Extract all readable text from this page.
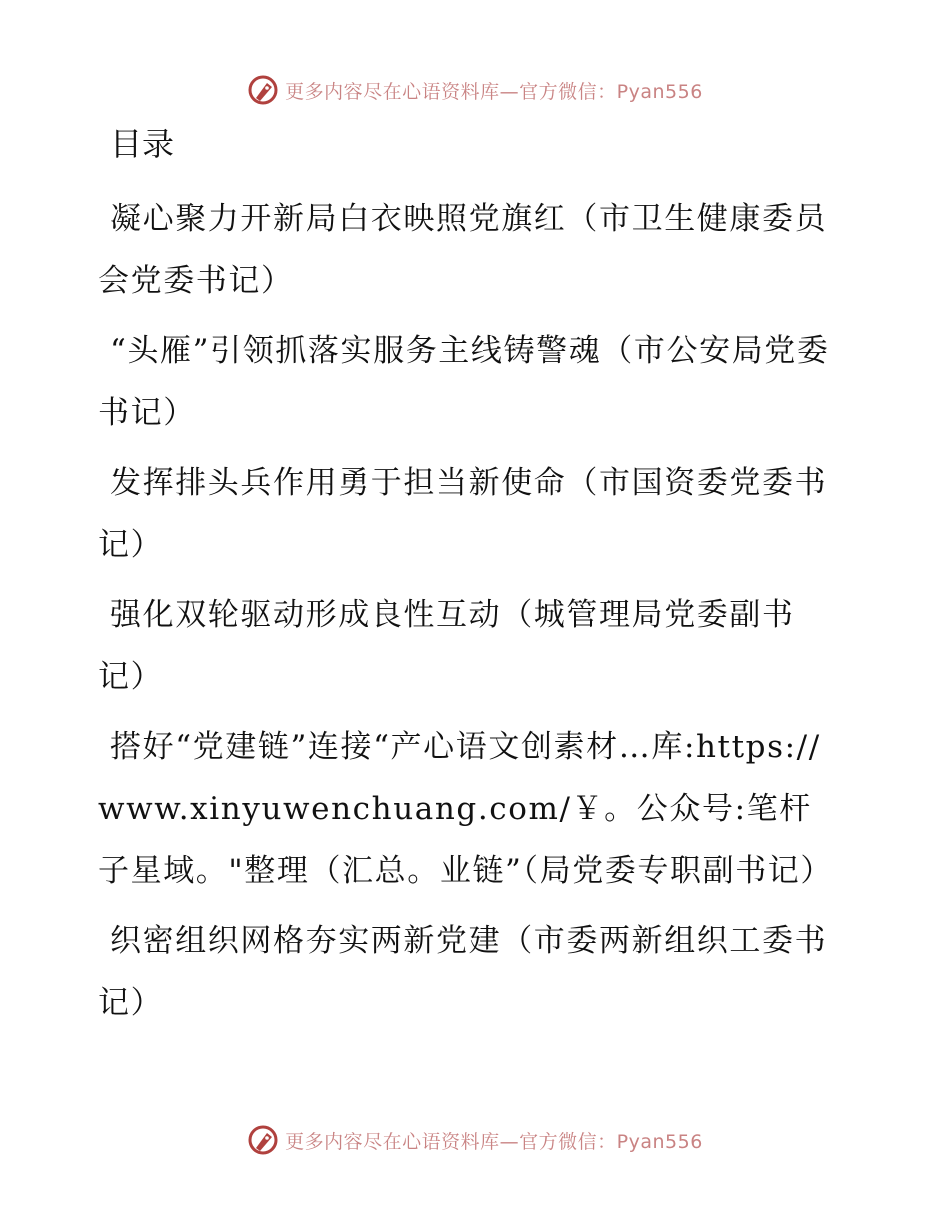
更多内容尽在心语资料库—官方微信：Pyan556
目录
凝心聚力开新局白衣映照党旗红（市卫生健康委员会党委书记）
“头雁”引领抓落实服务主线铸警魂（市公安局党委书记）
发挥排头兵作用勇于担当新使命（市国资委党委书记）
强化双轮驱动形成良性互动（城管理局党委副书记）
搭好“党建链”连接“产心语文创素材…库:https://www.xinyuwenchuang.com/￥。公众号:笔杆子星域。"整理（汇总。业链”（局党委专职副书记）
织密组织网格夯实两新党建（市委两新组织工委书记）
更多内容尽在心语资料库—官方微信：Pyan556
